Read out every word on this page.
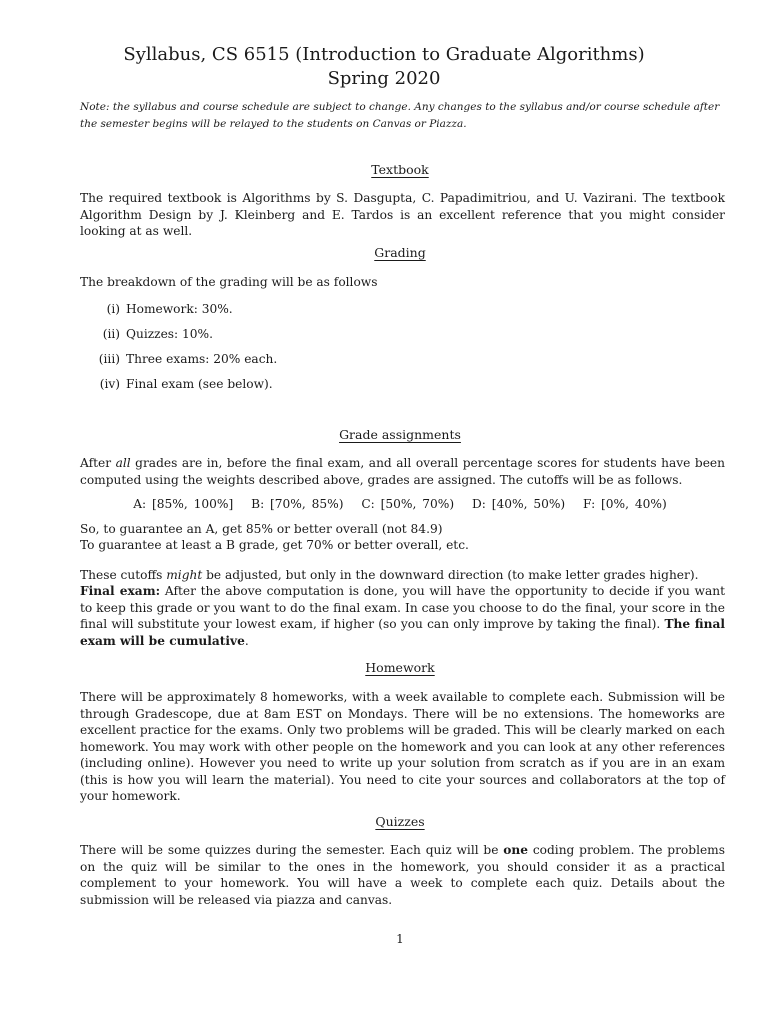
Syllabus, CS 6515 (Introduction to Graduate Algorithms)
Spring 2020
Note: the syllabus and course schedule are subject to change. Any changes to the syllabus and/or course schedule after the semester begins will be relayed to the students on Canvas or Piazza.
Textbook
The required textbook is Algorithms by S. Dasgupta, C. Papadimitriou, and U. Vazirani. The textbook Algorithm Design by J. Kleinberg and E. Tardos is an excellent reference that you might consider looking at as well.
Grading
The breakdown of the grading will be as follows
(i) Homework: 30%.
(ii) Quizzes: 10%.
(iii) Three exams: 20% each.
(iv) Final exam (see below).
Grade assignments
After all grades are in, before the final exam, and all overall percentage scores for students have been computed using the weights described above, grades are assigned. The cutoffs will be as follows.
A: [85%, 100%] B: [70%, 85%) C: [50%, 70%) D: [40%, 50%) F: [0%, 40%)
So, to guarantee an A, get 85% or better overall (not 84.9)
To guarantee at least a B grade, get 70% or better overall, etc.
These cutoffs might be adjusted, but only in the downward direction (to make letter grades higher).
Final exam: After the above computation is done, you will have the opportunity to decide if you want to keep this grade or you want to do the final exam. In case you choose to do the final, your score in the final will substitute your lowest exam, if higher (so you can only improve by taking the final). The final exam will be cumulative.
Homework
There will be approximately 8 homeworks, with a week available to complete each. Submission will be through Gradescope, due at 8am EST on Mondays. There will be no extensions. The homeworks are excellent practice for the exams. Only two problems will be graded. This will be clearly marked on each homework. You may work with other people on the homework and you can look at any other references (including online). However you need to write up your solution from scratch as if you are in an exam (this is how you will learn the material). You need to cite your sources and collaborators at the top of your homework.
Quizzes
There will be some quizzes during the semester. Each quiz will be one coding problem. The problems on the quiz will be similar to the ones in the homework, you should consider it as a practical complement to your homework. You will have a week to complete each quiz. Details about the submission will be released via piazza and canvas.
1
